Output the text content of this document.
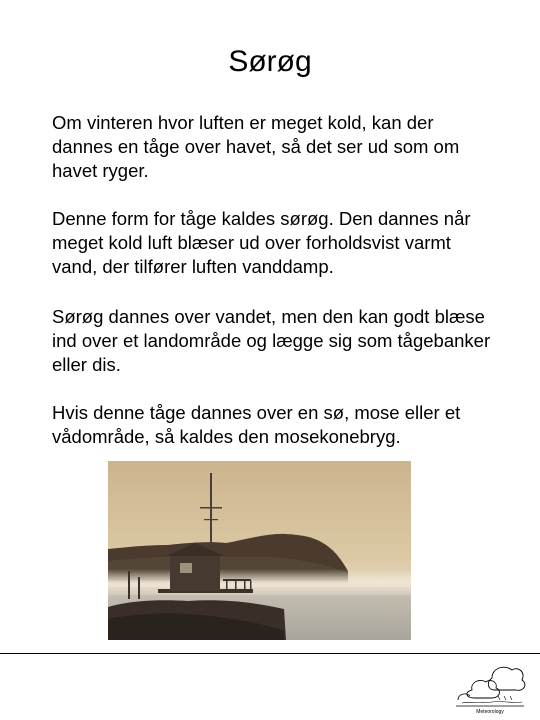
Sørøg

Om vinteren hvor luften er meget kold, kan der dannes en tåge over havet, så det ser ud som om havet ryger.

Denne form for tåge kaldes sørøg. Den dannes når meget kold luft blæser ud over forholdsvist varmt vand, der tilfører luften vanddamp.

Sørøg dannes over vandet, men den kan godt blæse ind over et landområde og lægge sig som tågebanker eller dis.

Hvis denne tåge dannes over en sø, mose eller et vådområde, så kaldes den mosekonebryg.

Meteorology
